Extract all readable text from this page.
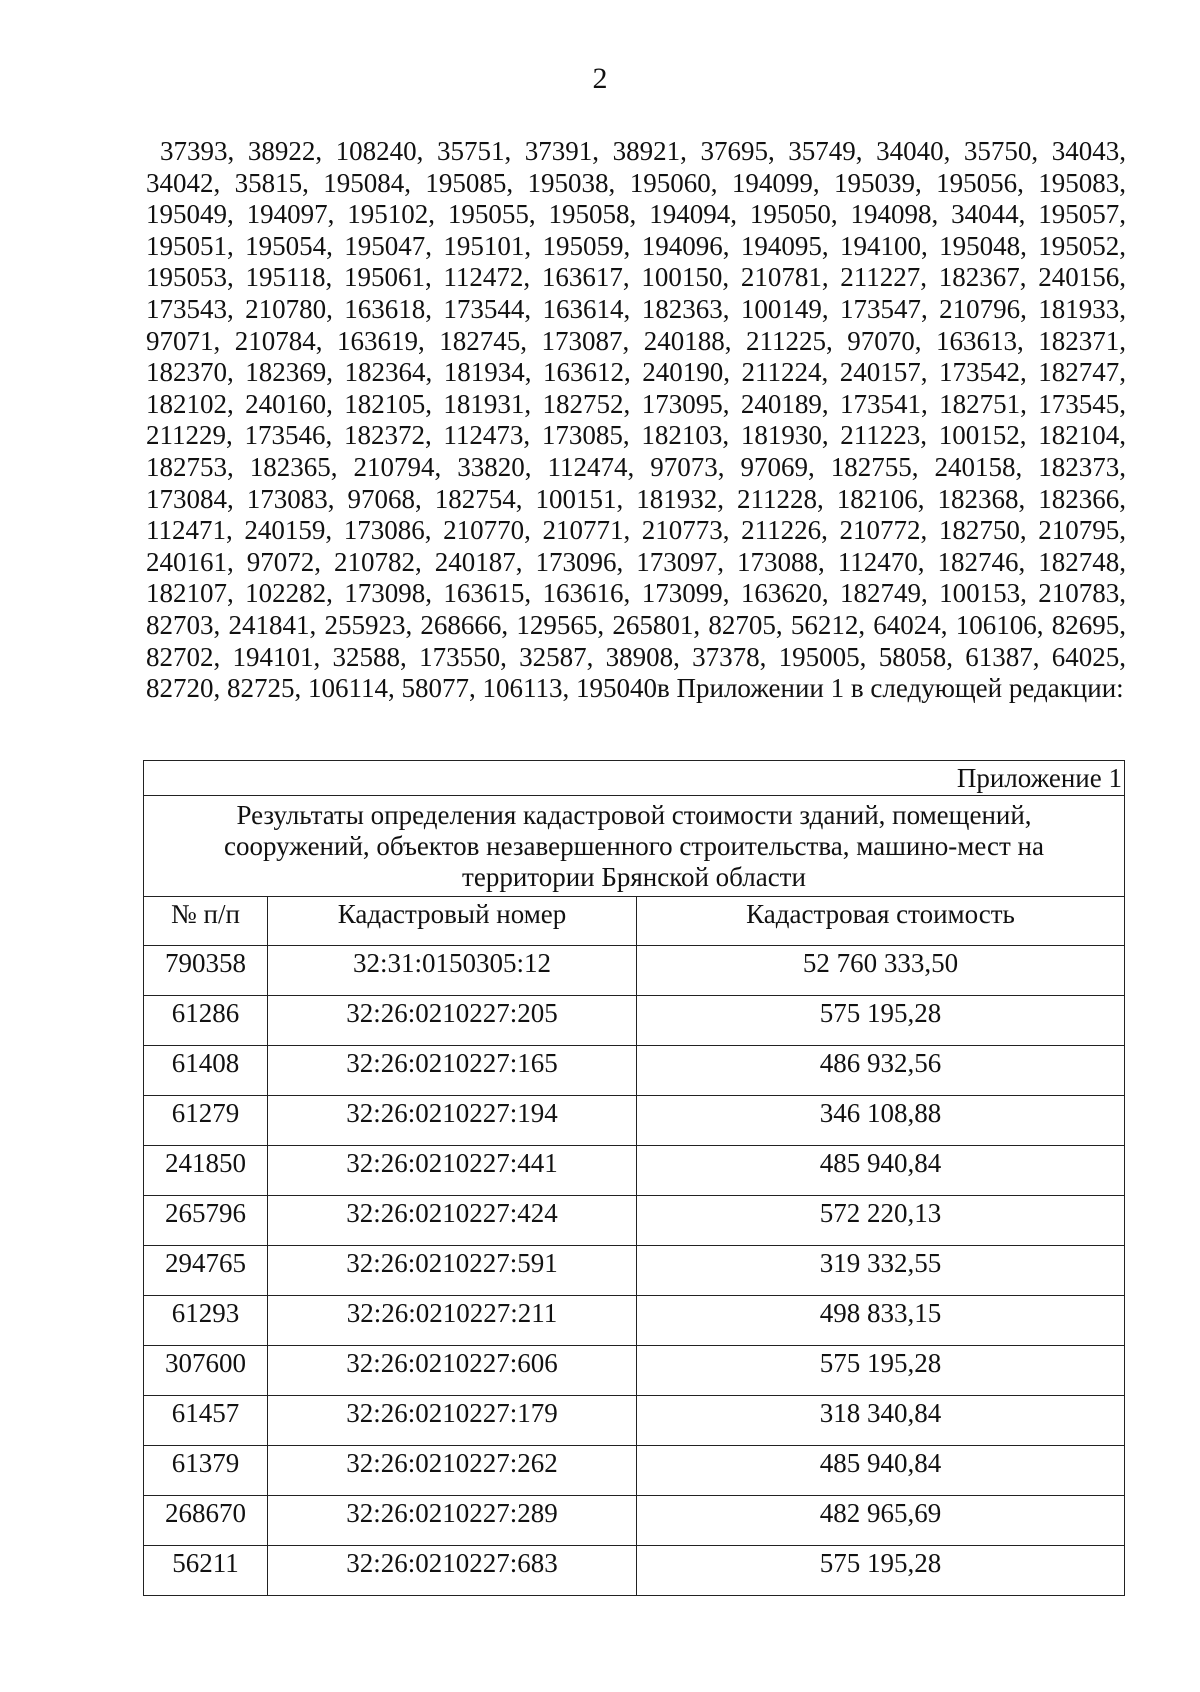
2

37393, 38922, 108240, 35751, 37391, 38921, 37695, 35749, 34040, 35750, 34043, 34042, 35815, 195084, 195085, 195038, 195060, 194099, 195039, 195056, 195083, 195049, 194097, 195102, 195055, 195058, 194094, 195050, 194098, 34044, 195057, 195051, 195054, 195047, 195101, 195059, 194096, 194095, 194100, 195048, 195052, 195053, 195118, 195061, 112472, 163617, 100150, 210781, 211227, 182367, 240156, 173543, 210780, 163618, 173544, 163614, 182363, 100149, 173547, 210796, 181933, 97071, 210784, 163619, 182745, 173087, 240188, 211225, 97070, 163613, 182371, 182370, 182369, 182364, 181934, 163612, 240190, 211224, 240157, 173542, 182747, 182102, 240160, 182105, 181931, 182752, 173095, 240189, 173541, 182751, 173545, 211229, 173546, 182372, 112473, 173085, 182103, 181930, 211223, 100152, 182104, 182753, 182365, 210794, 33820, 112474, 97073, 97069, 182755, 240158, 182373, 173084, 173083, 97068, 182754, 100151, 181932, 211228, 182106, 182368, 182366, 112471, 240159, 173086, 210770, 210771, 210773, 211226, 210772, 182750, 210795, 240161, 97072, 210782, 240187, 173096, 173097, 173088, 112470, 182746, 182748, 182107, 102282, 173098, 163615, 163616, 173099, 163620, 182749, 100153, 210783, 82703, 241841, 255923, 268666, 129565, 265801, 82705, 56212, 64024, 106106, 82695, 82702, 194101, 32588, 173550, 32587, 38908, 37378, 195005, 58058, 61387, 64025, 82720, 82725, 106114, 58077, 106113, 195040в Приложении 1 в следующей редакции:

Приложение 1		
Результаты определения кадастровой стоимости зданий, помещений, сооружений, объектов незавершенного строительства, машино-мест на территории Брянской области		
№ п/п	Кадастровый номер	Кадастровая стоимость
790358	32:31:0150305:12	52 760 333,50
61286	32:26:0210227:205	575 195,28
61408	32:26:0210227:165	486 932,56
61279	32:26:0210227:194	346 108,88
241850	32:26:0210227:441	485 940,84
265796	32:26:0210227:424	572 220,13
294765	32:26:0210227:591	319 332,55
61293	32:26:0210227:211	498 833,15
307600	32:26:0210227:606	575 195,28
61457	32:26:0210227:179	318 340,84
61379	32:26:0210227:262	485 940,84
268670	32:26:0210227:289	482 965,69
56211	32:26:0210227:683	575 195,28
